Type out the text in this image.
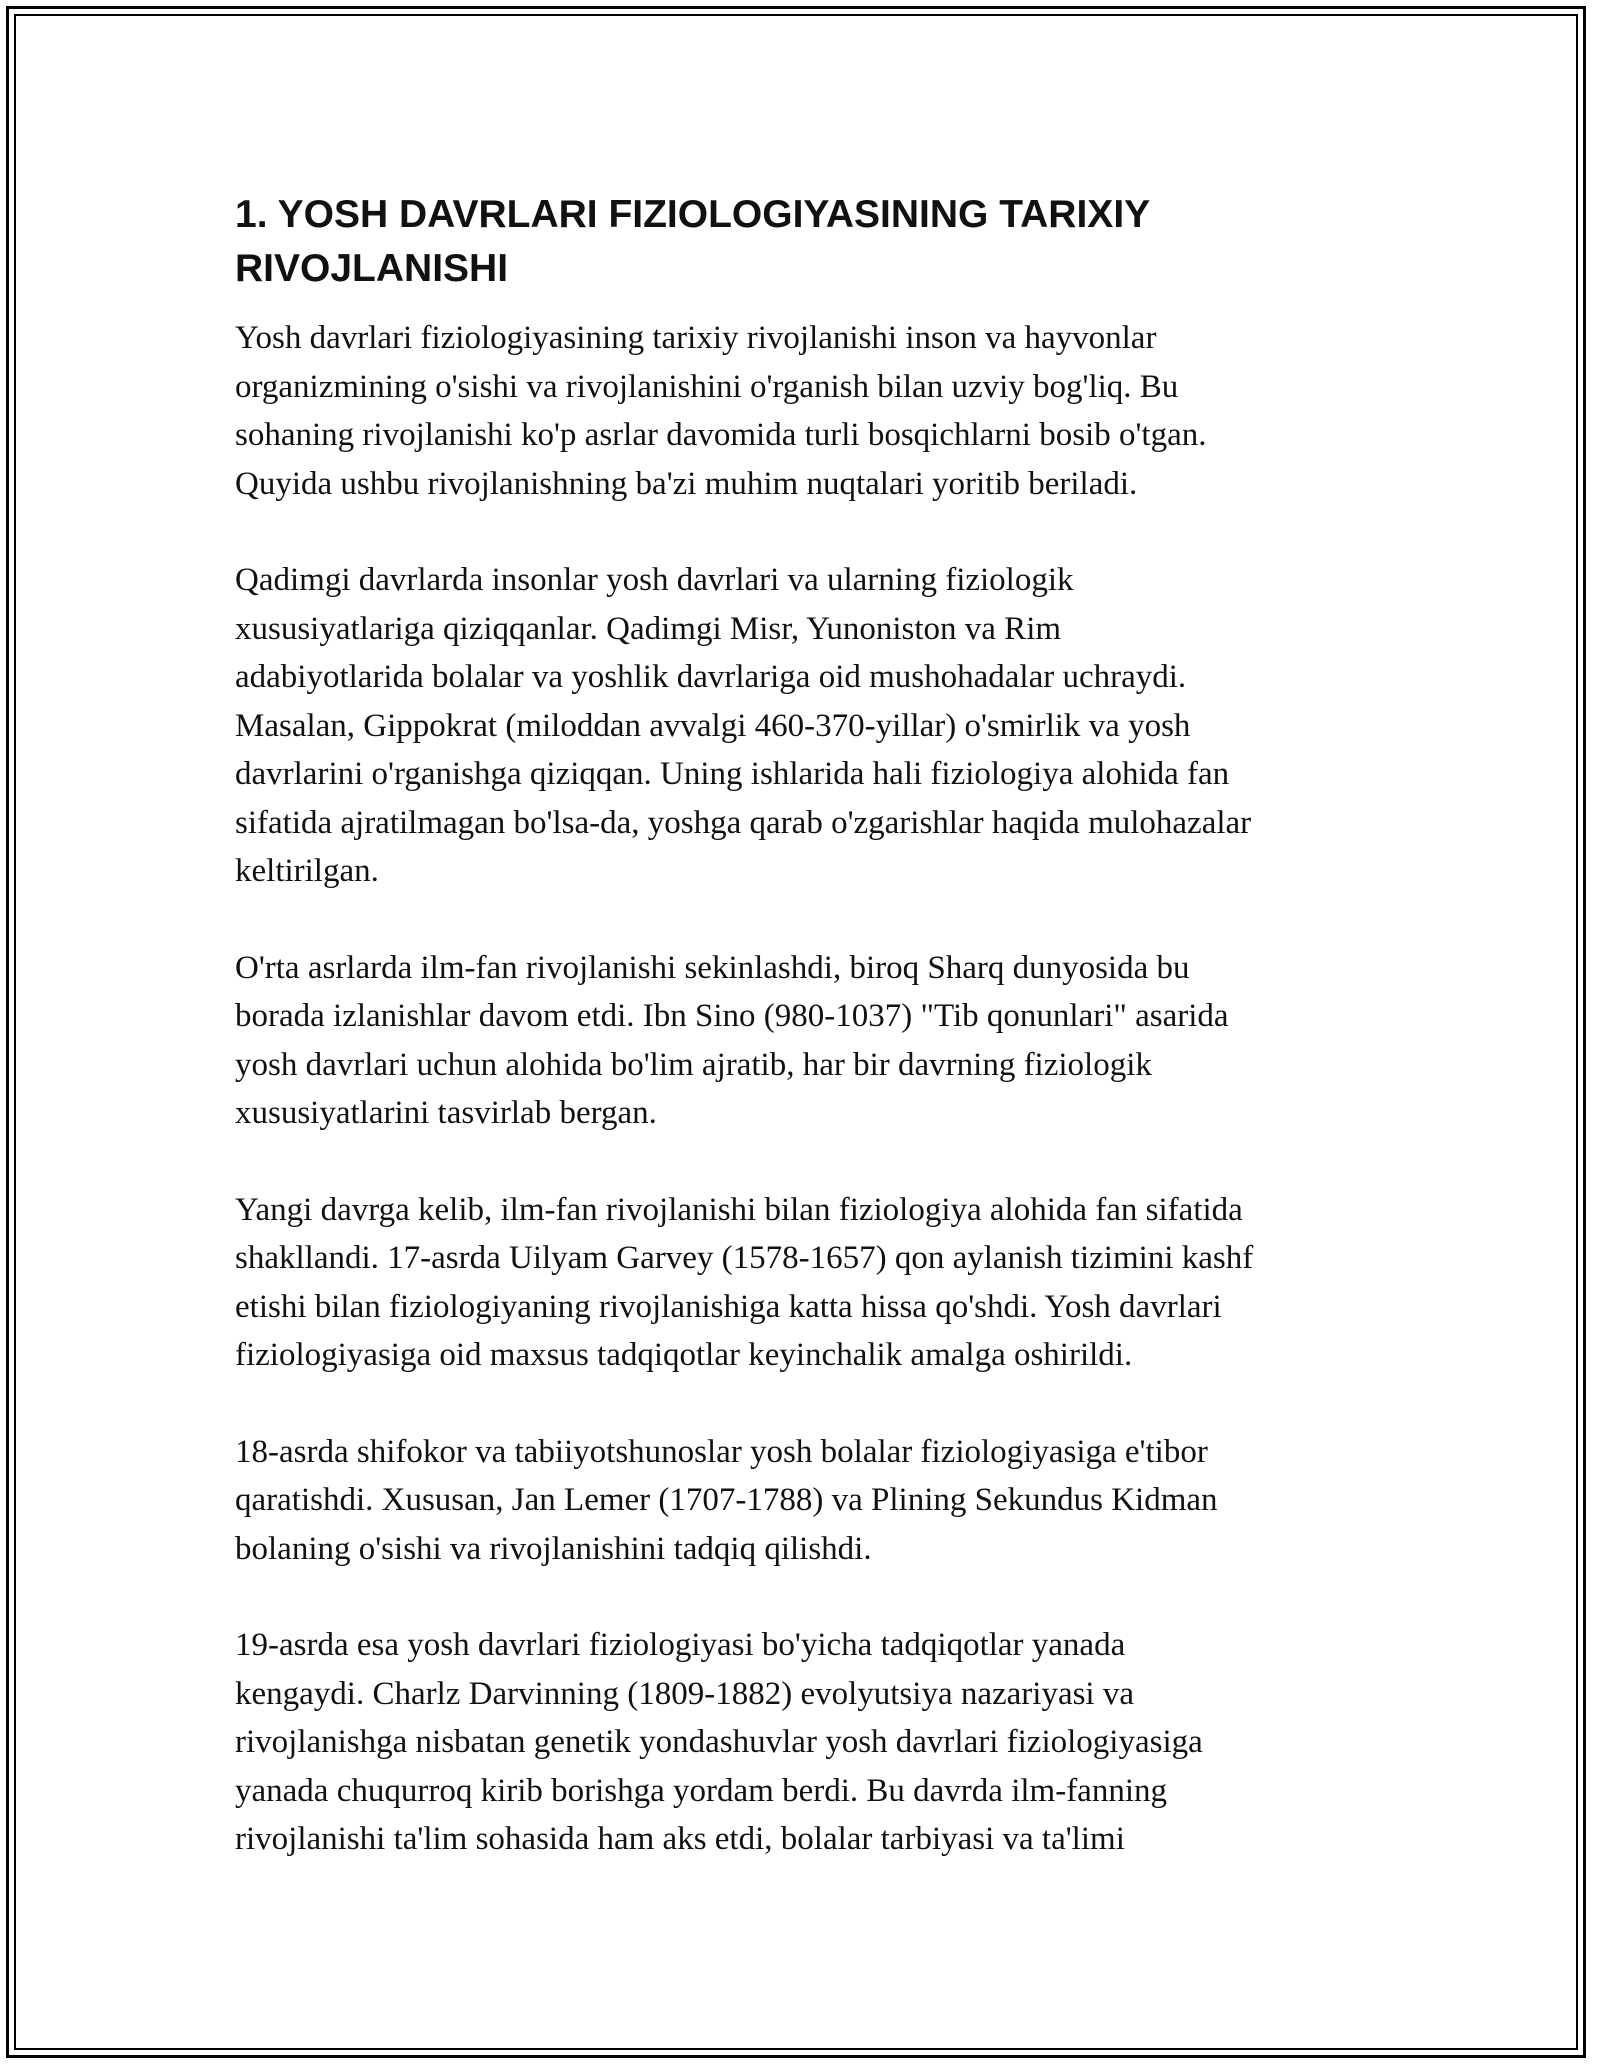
1. YOSH DAVRLARI FIZIOLOGIYASINING TARIXIY
RIVOJLANISHI

Yosh davrlari fiziologiyasining tarixiy rivojlanishi inson va hayvonlar
organizmining o'sishi va rivojlanishini o'rganish bilan uzviy bog'liq. Bu
sohaning rivojlanishi ko'p asrlar davomida turli bosqichlarni bosib o'tgan.
Quyida ushbu rivojlanishning ba'zi muhim nuqtalari yoritib beriladi.

Qadimgi davrlarda insonlar yosh davrlari va ularning fiziologik
xususiyatlariga qiziqqanlar. Qadimgi Misr, Yunoniston va Rim
adabiyotlarida bolalar va yoshlik davrlariga oid mushohadalar uchraydi.
Masalan, Gippokrat (miloddan avvalgi 460-370-yillar) o'smirlik va yosh
davrlarini o'rganishga qiziqqan. Uning ishlarida hali fiziologiya alohida fan
sifatida ajratilmagan bo'lsa-da, yoshga qarab o'zgarishlar haqida mulohazalar
keltirilgan.

O'rta asrlarda ilm-fan rivojlanishi sekinlashdi, biroq Sharq dunyosida bu
borada izlanishlar davom etdi. Ibn Sino (980-1037) "Tib qonunlari" asarida
yosh davrlari uchun alohida bo'lim ajratib, har bir davrning fiziologik
xususiyatlarini tasvirlab bergan.

Yangi davrga kelib, ilm-fan rivojlanishi bilan fiziologiya alohida fan sifatida
shakllandi. 17-asrda Uilyam Garvey (1578-1657) qon aylanish tizimini kashf
etishi bilan fiziologiyaning rivojlanishiga katta hissa qo'shdi. Yosh davrlari
fiziologiyasiga oid maxsus tadqiqotlar keyinchalik amalga oshirildi.

18-asrda shifokor va tabiiyotshunoslar yosh bolalar fiziologiyasiga e'tibor
qaratishdi. Xususan, Jan Lemer (1707-1788) va Plining Sekundus Kidman
bolaning o'sishi va rivojlanishini tadqiq qilishdi.

19-asrda esa yosh davrlari fiziologiyasi bo'yicha tadqiqotlar yanada
kengaydi. Charlz Darvinning (1809-1882) evolyutsiya nazariyasi va
rivojlanishga nisbatan genetik yondashuvlar yosh davrlari fiziologiyasiga
yanada chuqurroq kirib borishga yordam berdi. Bu davrda ilm-fanning
rivojlanishi ta'lim sohasida ham aks etdi, bolalar tarbiyasi va ta'limi
